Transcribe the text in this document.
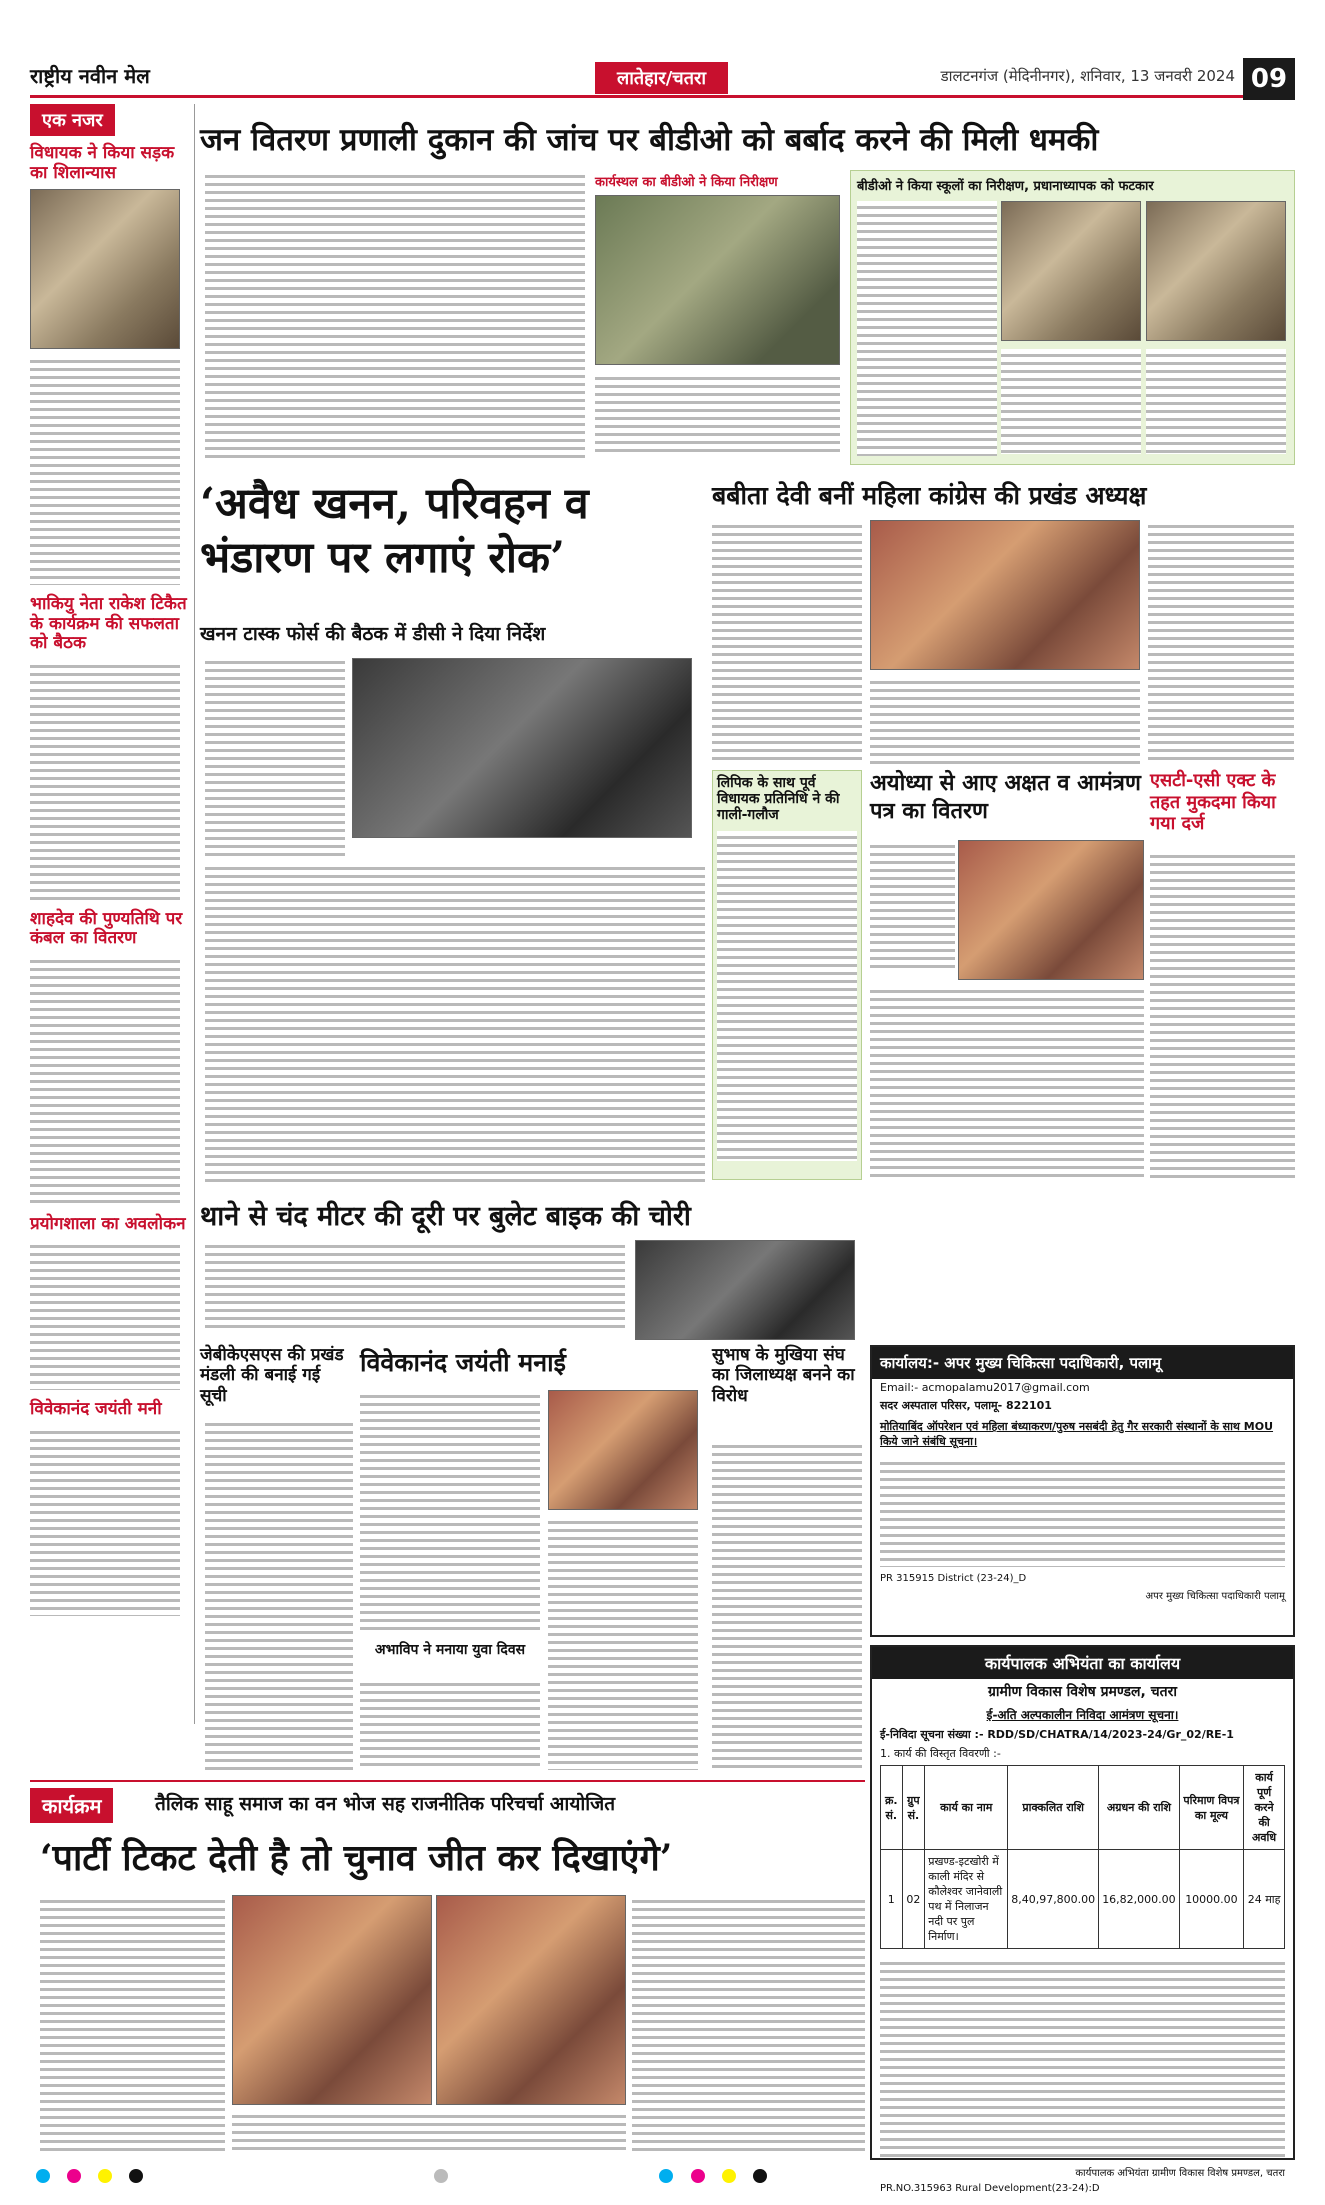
राष्ट्रीय नवीन मेल	लातेहार/चतरा	डालटनगंज (मेदिनीनगर), शनिवार, 13 जनवरी 2024 09
एक नजर
विधायक ने किया सड़क का शिलान्यास
भाकियु नेता राकेश टिकैत के कार्यक्रम की सफलता को बैठक
शाहदेव की पुण्यतिथि पर कंबल का वितरण
प्रयोगशाला का अवलोकन
विवेकानंद जयंती मनी
जन वितरण प्रणाली दुकान की जांच पर बीडीओ को बर्बाद करने की मिली धमकी
कार्यस्थल का बीडीओ ने किया निरीक्षण	बीडीओ ने किया स्कूलों का निरीक्षण, प्रधानाध्यापक को फटकार
‘अवैध खनन, परिवहन व भंडारण पर लगाएं रोक’
खनन टास्क फोर्स की बैठक में डीसी ने दिया निर्देश
बबीता देवी बनीं महिला कांग्रेस की प्रखंड अध्यक्ष
लिपिक के साथ पूर्व विधायक प्रतिनिधि ने की गाली-गलौज
अयोध्या से आए अक्षत व आमंत्रण पत्र का वितरण
एसटी-एसी एक्ट के तहत मुकदमा किया गया दर्ज
थाने से चंद मीटर की दूरी पर बुलेट बाइक की चोरी
जेबीकेएसएस की प्रखंड मंडली की बनाई गई सूची
विवेकानंद जयंती मनाई
अभाविप ने मनाया युवा दिवस
सुभाष के मुखिया संघ का जिलाध्यक्ष बनने का विरोध
कार्यालय:- अपर मुख्य चिकित्सा पदाधिकारी, पलामू
Email:- acmopalamu2017@gmail.com
सदर अस्पताल परिसर, पलामू- 822101
मोतियाबिंद ऑपरेशन एवं महिला बंध्याकरण/पुरुष नसबंदी हेतु गैर सरकारी संस्थानों के साथ MOU किये जाने संबंधि सूचना।
PR 315915 District (23-24)_D
अपर मुख्य चिकित्सा पदाधिकारी पलामू
कार्यपालक अभियंता का कार्यालय
ग्रामीण विकास विशेष प्रमण्डल, चतरा
ई-अति अल्पकालीन निविदा आमंत्रण सूचना।
ई-निविदा सूचना संख्या :- RDD/SD/CHATRA/14/2023-24/Gr_02/RE-1
1. कार्य की विस्तृत विवरणी :-
क्र. सं.	ग्रुप सं.	कार्य का नाम	प्राक्कलित राशि	अग्रधन की राशि	परिमाण विपत्र का मूल्य	कार्य पूर्ण करने की अवधि
1	02	प्रखण्ड-इटखोरी में काली मंदिर से कौलेश्वर जानेवाली पथ में निलाजन नदी पर पुल निर्माण।	8,40,97,800.00	16,82,000.00	10000.00	24 माह
कार्यपालक अभियंता ग्रामीण विकास विशेष प्रमण्डल, चतरा
PR.NO.315963 Rural Development(23-24):D
कार्यक्रम	तैलिक साहू समाज का वन भोज सह राजनीतिक परिचर्चा आयोजित
‘पार्टी टिकट देती है तो चुनाव जीत कर दिखाएंगे’
